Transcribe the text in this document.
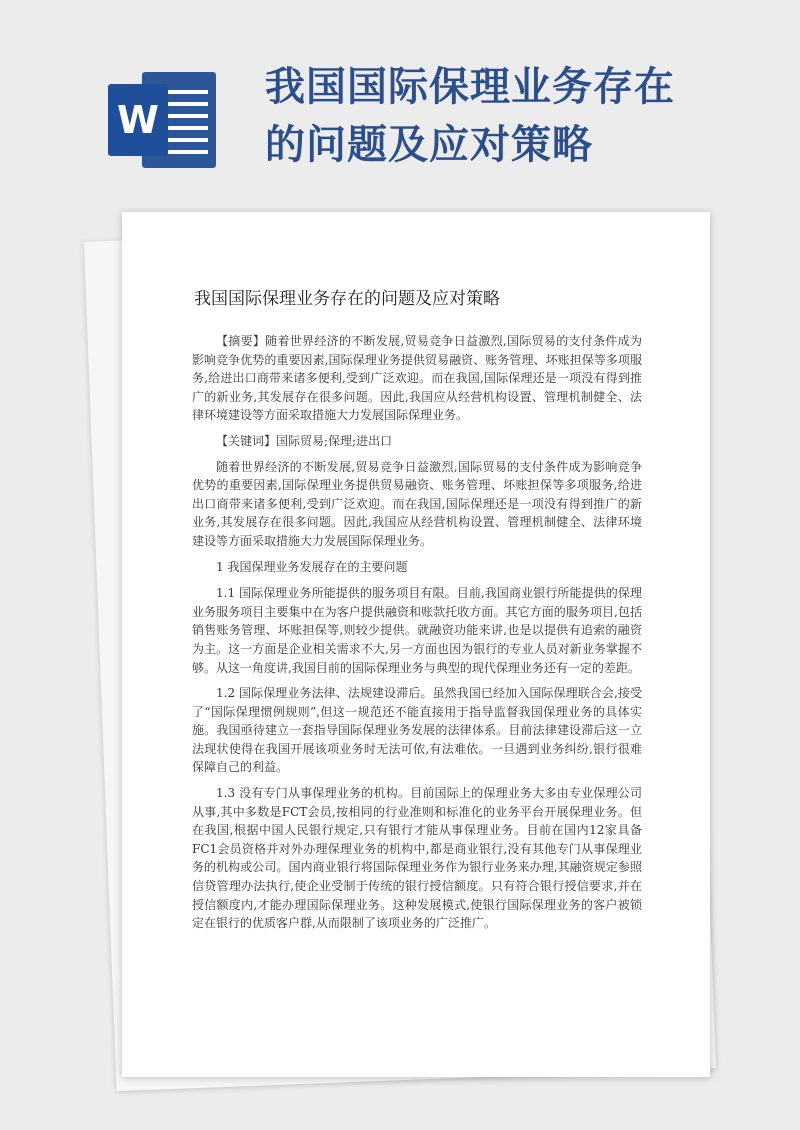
W
我国国际保理业务存在
的问题及应对策略
我国国际保理业务存在的问题及应对策略

【摘要】随着世界经济的不断发展,贸易竞争日益激烈,国际贸易的支付条件成为影响竞争优势的重要因素,国际保理业务提供贸易融资、账务管理、坏账担保等多项服务,给进出口商带来诸多便利,受到广泛欢迎。而在我国,国际保理还是一项没有得到推广的新业务,其发展存在很多问题。因此,我国应从经营机构设置、管理机制健全、法律环境建设等方面采取措施大力发展国际保理业务。

【关键词】国际贸易;保理;进出口

随着世界经济的不断发展,贸易竞争日益激烈,国际贸易的支付条件成为影响竞争优势的重要因素,国际保理业务提供贸易融资、账务管理、坏账担保等多项服务,给进出口商带来诸多便利,受到广泛欢迎。而在我国,国际保理还是一项没有得到推广的新业务,其发展存在很多问题。因此,我国应从经营机构设置、管理机制健全、法律环境建设等方面采取措施大力发展国际保理业务。

1 我国保理业务发展存在的主要问题

1.1 国际保理业务所能提供的服务项目有限。目前,我国商业银行所能提供的保理业务服务项目主要集中在为客户提供融资和账款托收方面。其它方面的服务项目,包括销售账务管理、坏账担保等,则较少提供。就融资功能来讲,也是以提供有追索的融资为主。这一方面是企业相关需求不大,另一方面也因为银行的专业人员对新业务掌握不够。从这一角度讲,我国目前的国际保理业务与典型的现代保理业务还有一定的差距。

1.2 国际保理业务法律、法规建设滞后。虽然我国已经加入国际保理联合会,接受了“国际保理惯例规则”,但这一规范还不能直接用于指导监督我国保理业务的具体实施。我国亟待建立一套指导国际保理业务发展的法律体系。目前法律建设滞后这一立法现状使得在我国开展该项业务时无法可依,有法难依。一旦遇到业务纠纷,银行很难保障自己的利益。

1.3 没有专门从事保理业务的机构。目前国际上的保理业务大多由专业保理公司从事,其中多数是FCT会员,按相同的行业准则和标准化的业务平台开展保理业务。但在我国,根据中国人民银行规定,只有银行才能从事保理业务。目前在国内12家具备FC1会员资格并对外办理保理业务的机构中,都是商业银行,没有其他专门从事保理业务的机构或公司。国内商业银行将国际保理业务作为银行业务来办理,其融资规定参照信贷管理办法执行,使企业受制于传统的银行授信额度。只有符合银行授信要求,并在授信额度内,才能办理国际保理业务。这种发展模式,使银行国际保理业务的客户被锁定在银行的优质客户群,从而限制了该项业务的广泛推广。
